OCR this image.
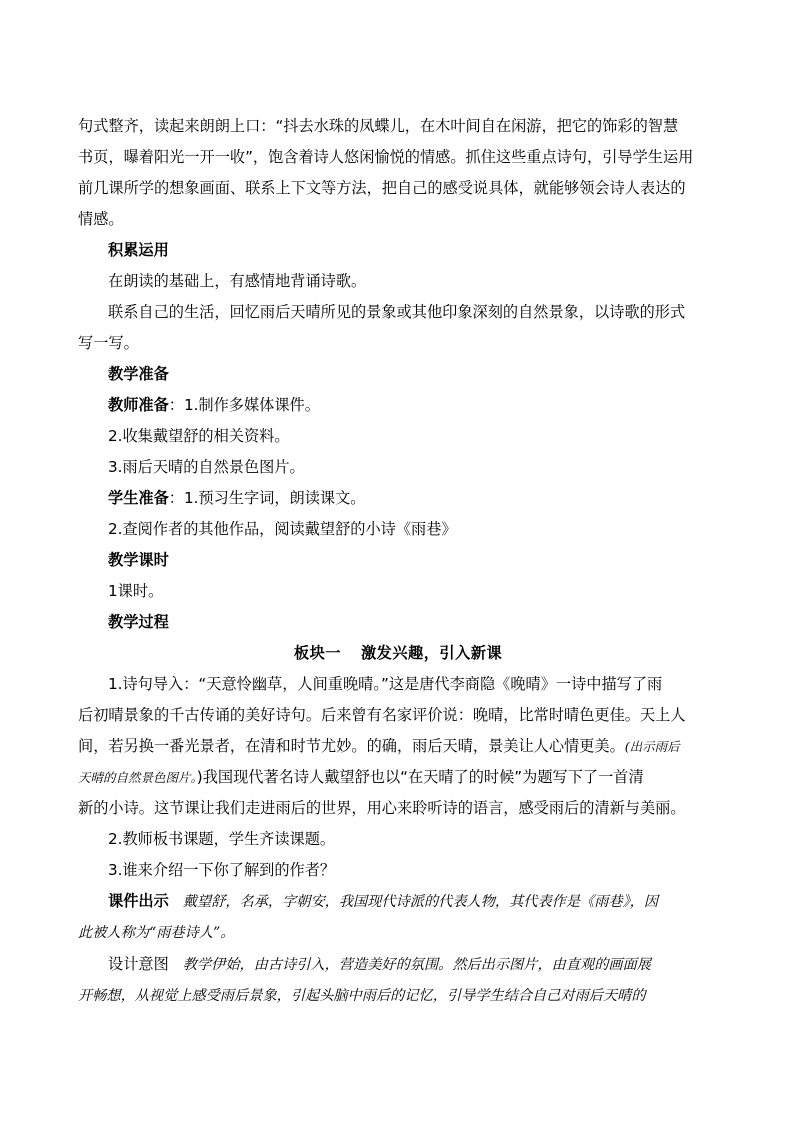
句式整齐，读起来朗朗上口：“抖去水珠的凤蝶儿，在木叶间自在闲游，把它的饰彩的智慧

书页，曝着阳光一开一收”，饱含着诗人悠闲愉悦的情感。抓住这些重点诗句，引导学生运用

前几课所学的想象画面、联系上下文等方法，把自己的感受说具体，就能够领会诗人表达的

情感。

积累运用

在朗读的基础上，有感情地背诵诗歌。

联系自己的生活，回忆雨后天晴所见的景象或其他印象深刻的自然景象，以诗歌的形式

写一写。

教学准备

教师准备：1.制作多媒体课件。

2.收集戴望舒的相关资料。

3.雨后天晴的自然景色图片。

学生准备：1.预习生字词，朗读课文。

2.查阅作者的其他作品，阅读戴望舒的小诗《雨巷》

教学课时

1课时。

教学过程

板块一 激发兴趣，引入新课

1.诗句导入：“天意怜幽草，人间重晚晴。”这是唐代李商隐《晚晴》一诗中描写了雨

后初晴景象的千古传诵的美好诗句。后来曾有名家评价说：晚晴，比常时晴色更佳。天上人

间，若另换一番光景者，在清和时节尤妙。的确，雨后天晴，景美让人心情更美。(出示雨后

天晴的自然景色图片。)我国现代著名诗人戴望舒也以“在天晴了的时候”为题写下了一首清

新的小诗。这节课让我们走进雨后的世界，用心来聆听诗的语言，感受雨后的清新与美丽。

2.教师板书课题，学生齐读课题。

3.谁来介绍一下你了解到的作者？

课件出示 戴望舒，名承，字朝安，我国现代诗派的代表人物，其代表作是《雨巷》，因

此被人称为“雨巷诗人”。

设计意图 教学伊始，由古诗引入，营造美好的氛围。然后出示图片，由直观的画面展

开畅想，从视觉上感受雨后景象，引起头脑中雨后的记忆，引导学生结合自己对雨后天晴的
